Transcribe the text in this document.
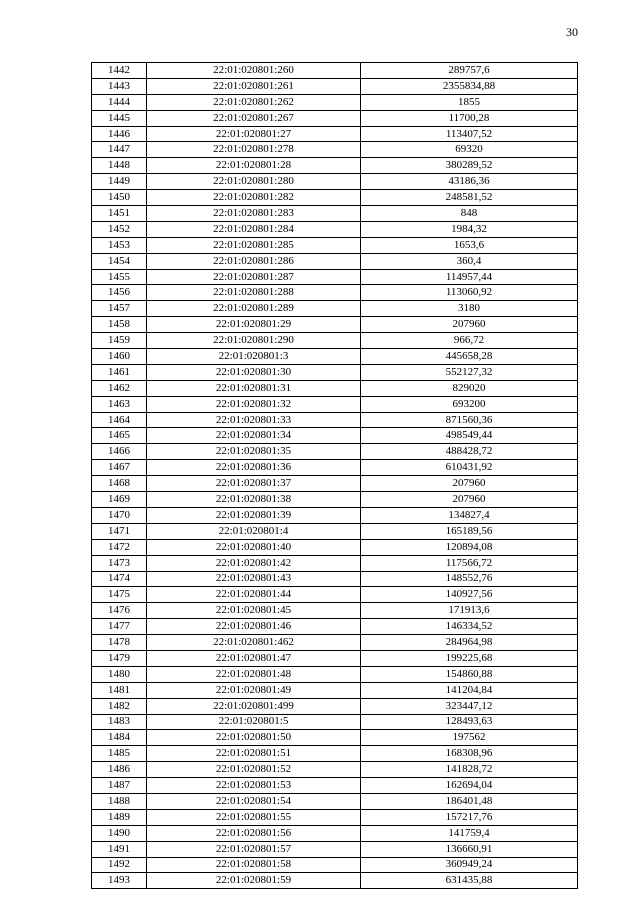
30
1442	22:01:020801:260	289757,6
1443	22:01:020801:261	2355834,88
1444	22:01:020801:262	1855
1445	22:01:020801:267	11700,28
1446	22:01:020801:27	113407,52
1447	22:01:020801:278	69320
1448	22:01:020801:28	380289,52
1449	22:01:020801:280	43186,36
1450	22:01:020801:282	248581,52
1451	22:01:020801:283	848
1452	22:01:020801:284	1984,32
1453	22:01:020801:285	1653,6
1454	22:01:020801:286	360,4
1455	22:01:020801:287	114957,44
1456	22:01:020801:288	113060,92
1457	22:01:020801:289	3180
1458	22:01:020801:29	207960
1459	22:01:020801:290	966,72
1460	22:01:020801:3	445658,28
1461	22:01:020801:30	552127,32
1462	22:01:020801:31	829020
1463	22:01:020801:32	693200
1464	22:01:020801:33	871560,36
1465	22:01:020801:34	498549,44
1466	22:01:020801:35	488428,72
1467	22:01:020801:36	610431,92
1468	22:01:020801:37	207960
1469	22:01:020801:38	207960
1470	22:01:020801:39	134827,4
1471	22:01:020801:4	165189,56
1472	22:01:020801:40	120894,08
1473	22:01:020801:42	117566,72
1474	22:01:020801:43	148552,76
1475	22:01:020801:44	140927,56
1476	22:01:020801:45	171913,6
1477	22:01:020801:46	146334,52
1478	22:01:020801:462	284964,98
1479	22:01:020801:47	199225,68
1480	22:01:020801:48	154860,88
1481	22:01:020801:49	141204,84
1482	22:01:020801:499	323447,12
1483	22:01:020801:5	128493,63
1484	22:01:020801:50	197562
1485	22:01:020801:51	168308,96
1486	22:01:020801:52	141828,72
1487	22:01:020801:53	162694,04
1488	22:01:020801:54	186401,48
1489	22:01:020801:55	157217,76
1490	22:01:020801:56	141759,4
1491	22:01:020801:57	136660,91
1492	22:01:020801:58	360949,24
1493	22:01:020801:59	631435,88
